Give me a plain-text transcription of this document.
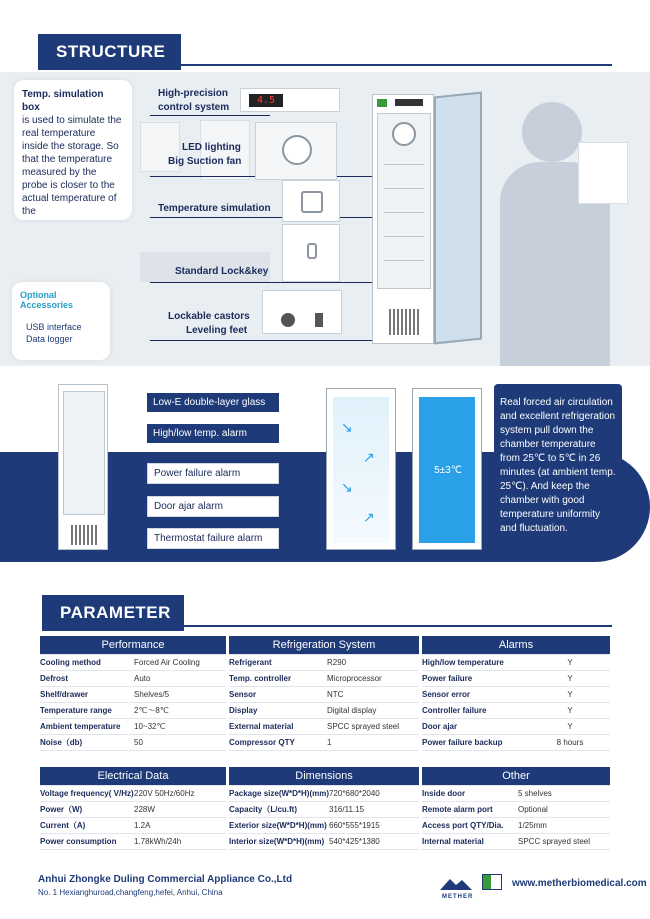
STRUCTURE
Temp. simulation box
is used to simulate the real temperature inside the storage. So that the temperature measured by the probe is closer to the actual temperature of the
Optional Accessories
USB interface
Data logger
High-precision
control system
LED lighting
Big Suction fan
Temperature simulation
Standard Lock&key
Lockable castors
Leveling feet
4.5
Low-E double-layer glass
High/low temp. alarm
Power failure alarm
Door ajar alarm
Thermostat failure alarm
↘
↗
↘
↗
5±3℃
Real forced air circulation and excellent refrigeration system pull down the chamber temperature from 25℃ to 5℃ in 26 minutes (at ambient temp. 25℃). And keep the chamber with good temperature uniformity and fluctuation.
PARAMETER
Performance	
Cooling method	Forced Air Cooling
Defrost	Auto
Shelf/drawer	Shelves/5
Temperature range	2℃～8℃
Ambient temperature	10~32℃
Noise（db)	50
Refrigeration System	
Refrigerant	R290
Temp. controller	Microprocessor
Sensor	NTC
Display	Digital display
External material	SPCC sprayed steel
Compressor QTY	1
Alarms	
High/low temperature	Y
Power failure	Y
Sensor error	Y
Controller failure	Y
Door ajar	Y
Power failure backup	8 hours
Electrical Data	
Voltage frequency( V/Hz)	220V 50Hz/60Hz
Power（W)	228W
Current（A)	1.2A
Power consumption	1.78kWh/24h
Dimensions	
Package size(W*D*H)(mm)	720*680*2040
Capacity（L/cu.ft)	316/11.15
Exterior size(W*D*H)(mm)	660*555*1915
Interior size(W*D*H)(mm)	540*425*1380
Other	
Inside door	5 shelves
Remote alarm port	Optional
Access port QTY/Dia.	1/25mm
Internal material	SPCC sprayed steel
Anhui Zhongke Duling Commercial Appliance Co.,Ltd
No. 1 Hexianghuroad,changfeng,hefei, Anhui, China	METHER
www.metherbiomedical.com
